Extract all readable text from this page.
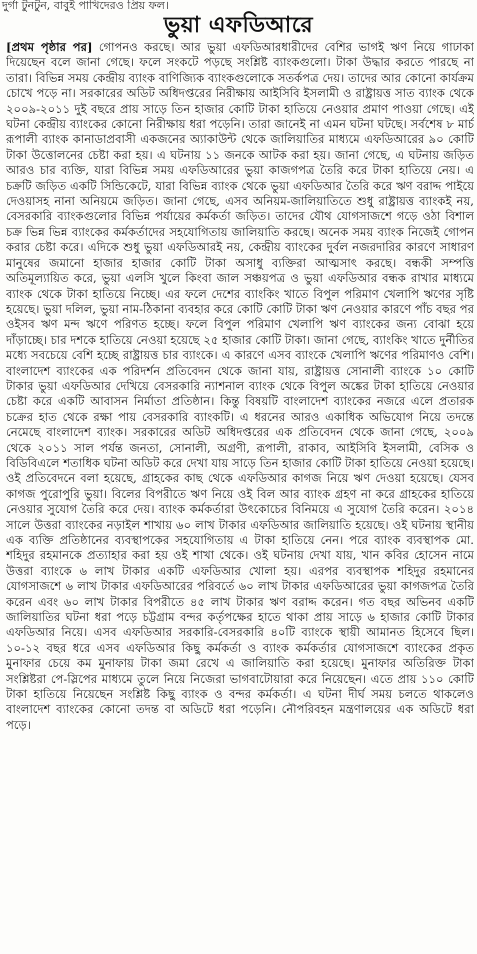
দুর্গা টুনটুন, বাবুই পাখিদেরও প্রিয় ফল।
ভুয়া এফডিআরে

[প্রথম পৃষ্ঠার পর] গোপনও করছে। আর ভুয়া এফডিআরধারীদের বেশির ভাগই ঋণ নিয়ে গাঢাকা দিয়েছেন বলে জানা গেছে। ফলে সংকটে পড়ছে সংশ্লিষ্ট ব্যাংকগুলো। টাকা উদ্ধার করতে পারছে না তারা। বিভিন্ন সময় কেন্দ্রীয় ব্যাংক বাণিজ্যিক ব্যাংকগুলোকে সতর্কপত্র দেয়। তাদের আর কোনো কার্যক্রম চোখে পড়ে না। সরকারের অডিট অধিদপ্তরের নিরীক্ষায় আইসিবি ইসলামী ও রাষ্ট্রায়ত্ত সাত ব্যাংক থেকে ২০০৯-২০১১ দুই বছরে প্রায় সাড়ে তিন হাজার কোটি টাকা হাতিয়ে নেওয়ার প্রমাণ পাওয়া গেছে। এই ঘটনা কেন্দ্রীয় ব্যাংকের কোনো নিরীক্ষায় ধরা পড়েনি। তারা জানেই না এমন ঘটনা ঘটছে। সর্বশেষ ৮ মার্চ রূপালী ব্যাংক কানাডাপ্রবাসী একজনের অ্যাকাউন্ট থেকে জালিয়াতির মাধ্যমে এফডিআরের ৯০ কোটি টাকা উত্তোলনের চেষ্টা করা হয়। এ ঘটনায় ১১ জনকে আটক করা হয়। জানা গেছে, এ ঘটনায় জড়িত আরও চার ব্যক্তি, যারা বিভিন্ন সময় এফডিআরের ভুয়া কাজগপত্র তৈরি করে টাকা হাতিয়ে নেয়। এ চক্রটি জড়িত একটি সিন্ডিকেটে, যারা বিভিন্ন ব্যাংক থেকে ভুয়া এফডিআর তৈরি করে ঋণ বরাদ্দ পাইয়ে দেওয়াসহ নানা অনিয়মে জড়িত। জানা গেছে, এসব অনিয়ম-জালিয়াতিতে শুধু রাষ্ট্রায়ত্ত ব্যাংকই নয়, বেসরকারি ব্যাংকগুলোর বিভিন্ন পর্যায়ের কর্মকর্তা জড়িত। তাদের যৌথ যোগসাজশে গড়ে ওঠা বিশাল চক্র ভিন্ন ভিন্ন ব্যাংকের কর্মকর্তাদের সহযোগিতায় জালিয়াতি করছে। অনেক সময় ব্যাংক নিজেই গোপন করার চেষ্টা করে। এদিকে শুধু ভুয়া এফডিআরই নয়, কেন্দ্রীয় ব্যাংকের দুর্বল নজরদারির কারণে সাধারণ মানুষের জমানো হাজার হাজার কোটি টাকা অসাধু ব্যক্তিরা আত্মসাৎ করছে। বন্ধকী সম্পত্তি অতিমূল্যায়িত করে, ভুয়া এলসি খুলে কিংবা জাল সঞ্চয়পত্র ও ভুয়া এফডিআর বন্ধক রাখার মাধ্যমে ব্যাংক থেকে টাকা হাতিয়ে নিচ্ছে। এর ফলে দেশের ব্যাংকিং খাতে বিপুল পরিমাণ খেলাপি ঋণের সৃষ্টি হয়েছে। ভুয়া দলিল, ভুয়া নাম-ঠিকানা ব্যবহার করে কোটি কোটি টাকা ঋণ নেওয়ার কারণে পাঁচ বছর পর ওইসব ঋণ মন্দ ঋণে পরিণত হচ্ছে। ফলে বিপুল পরিমাণ খেলাপি ঋণ ব্যাংকের জন্য বোঝা হয়ে দাঁড়াচ্ছে। চার দশকে হাতিয়ে নেওয়া হয়েছে ২৫ হাজার কোটি টাকা। জানা গেছে, ব্যাংকিং খাতে দুর্নীতির মধ্যে সবচেয়ে বেশি হচ্ছে রাষ্ট্রায়ত্ত চার ব্যাংকে। এ কারণে এসব ব্যাংকে খেলাপি ঋণের পরিমাণও বেশি। বাংলাদেশ ব্যাংকের এক পরিদর্শন প্রতিবেদন থেকে জানা যায়, রাষ্ট্রায়ত্ত সোনালী ব্যাংকে ১০ কোটি টাকার ভুয়া এফডিআর দেখিয়ে বেসরকারি ন্যাশনাল ব্যাংক থেকে বিপুল অঙ্কের টাকা হাতিয়ে নেওয়ার চেষ্টা করে একটি আবাসন নির্মাতা প্রতিষ্ঠান। কিন্তু বিষয়টি বাংলাদেশ ব্যাংকের নজরে এলে প্রতারক চক্রের হাত থেকে রক্ষা পায় বেসরকারি ব্যাংকটি। এ ধরনের আরও একাধিক অভিযোগ নিয়ে তদন্তে নেমেছে বাংলাদেশ ব্যাংক। সরকারের অডিট অধিদপ্তরের এক প্রতিবেদন থেকে জানা গেছে, ২০০৯ থেকে ২০১১ সাল পর্যন্ত জনতা, সোনালী, অগ্রণী, রূপালী, রাকাব, আইসিবি ইসলামী, বেসিক ও বিডিবিএলে শতাধিক ঘটনা অডিট করে দেখা যায় সাড়ে তিন হাজার কোটি টাকা হাতিয়ে নেওয়া হয়েছে। ওই প্রতিবেদনে বলা হয়েছে, গ্রাহকের কাছ থেকে এফডিআর কাগজ নিয়ে ঋণ দেওয়া হয়েছে। যেসব কাগজ পুরোপুরি ভুয়া। বিলের বিপরীতে ঋণ নিয়ে ওই বিল আর ব্যাংক গ্রহণ না করে গ্রাহকের হাতিয়ে নেওয়ার সুযোগ তৈরি করে দেয়। ব্যাংক কর্মকর্তারা উৎকোচের বিনিময়ে এ সুযোগ তৈরি করেন। ২০১৪ সালে উত্তরা ব্যাংকের নড়াইল শাখায় ৬০ লাখ টাকার এফডিআর জালিয়াতি হয়েছে। ওই ঘটনায় স্থানীয় এক ব্যক্তি প্রতিষ্ঠানের ব্যবস্থাপকের সহযোগিতায় এ টাকা হাতিয়ে নেন। পরে ব্যাংক ব্যবস্থাপক মো. শহিদুর রহমানকে প্রত্যাহার করা হয় ওই শাখা থেকে। ওই ঘটনায় দেখা যায়, খান কবির হোসেন নামে উত্তরা ব্যাংকে ৬ লাখ টাকার একটি এফডিআর খোলা হয়। এরপর ব্যবস্থাপক শহিদুর রহমানের যোগসাজশে ৬ লাখ টাকার এফডিআরের পরিবর্তে ৬০ লাখ টাকার এফডিআরের ভুয়া কাগজপত্র তৈরি করেন এবং ৬০ লাখ টাকার বিপরীতে ৪৫ লাখ টাকার ঋণ বরাদ্দ করেন। গত বছর অভিনব একটি জালিয়াতির ঘটনা ধরা পড়ে চট্টগ্রাম বন্দর কর্তৃপক্ষের হাতে থাকা প্রায় সাড়ে ৬ হাজার কোটি টাকার এফডিআর নিয়ে। এসব এফডিআর সরকারি-বেসরকারি ৪০টি ব্যাংকে স্থায়ী আমানত হিসেবে ছিল। ১০-১২ বছর ধরে এসব এফডিআর কিছু কর্মকর্তা ও ব্যাংক কর্মকর্তার যোগসাজশে ব্যাংকের প্রকৃত মুনাফার চেয়ে কম মুনাফায় টাকা জমা রেখে এ জালিয়াতি করা হয়েছে। মুনাফার অতিরিক্ত টাকা সংশ্লিষ্টরা পে-স্লিপের মাধ্যমে তুলে নিয়ে নিজেরা ভাগবাটোয়ারা করে নিয়েছেন। এতে প্রায় ১১০ কোটি টাকা হাতিয়ে নিয়েছেন সংশ্লিষ্ট কিছু ব্যাংক ও বন্দর কর্মকর্তা। এ ঘটনা দীর্ঘ সময় চলতে থাকলেও বাংলাদেশ ব্যাংকের কোনো তদন্ত বা অডিটে ধরা পড়েনি। নৌপরিবহন মন্ত্রণালয়ের এক অডিটে ধরা পড়ে।
